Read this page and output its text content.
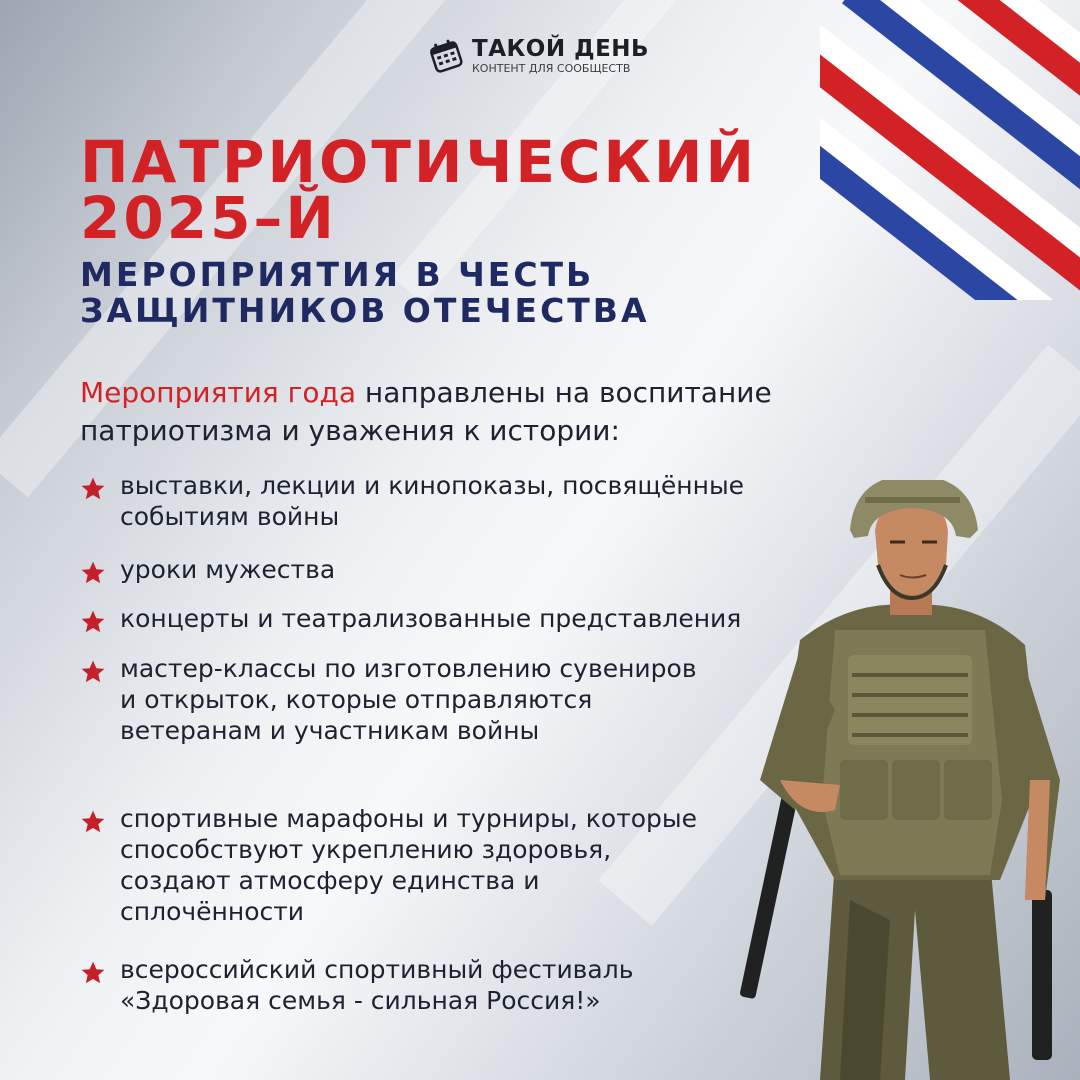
ТАКОЙ ДЕНЬ
КОНТЕНТ ДЛЯ СООБЩЕСТВ
ПАТРИОТИЧЕСКИЙ
2025–Й
МЕРОПРИЯТИЯ В ЧЕСТЬ
ЗАЩИТНИКОВ ОТЕЧЕСТВА

Мероприятия года направлены на воспитание
патриотизма и уважения к истории:

выставки, лекции и кинопоказы, посвящённые событиям войны
уроки мужества
концерты и театрализованные представления
мастер-классы по изготовлению сувениров и открыток, которые отправляются ветеранам и участникам войны
спортивные марафоны и турниры, которые способствуют укреплению здоровья, создают атмосферу единства и сплочённости
всероссийский спортивный фестиваль «Здоровая семья - сильная Россия!»
